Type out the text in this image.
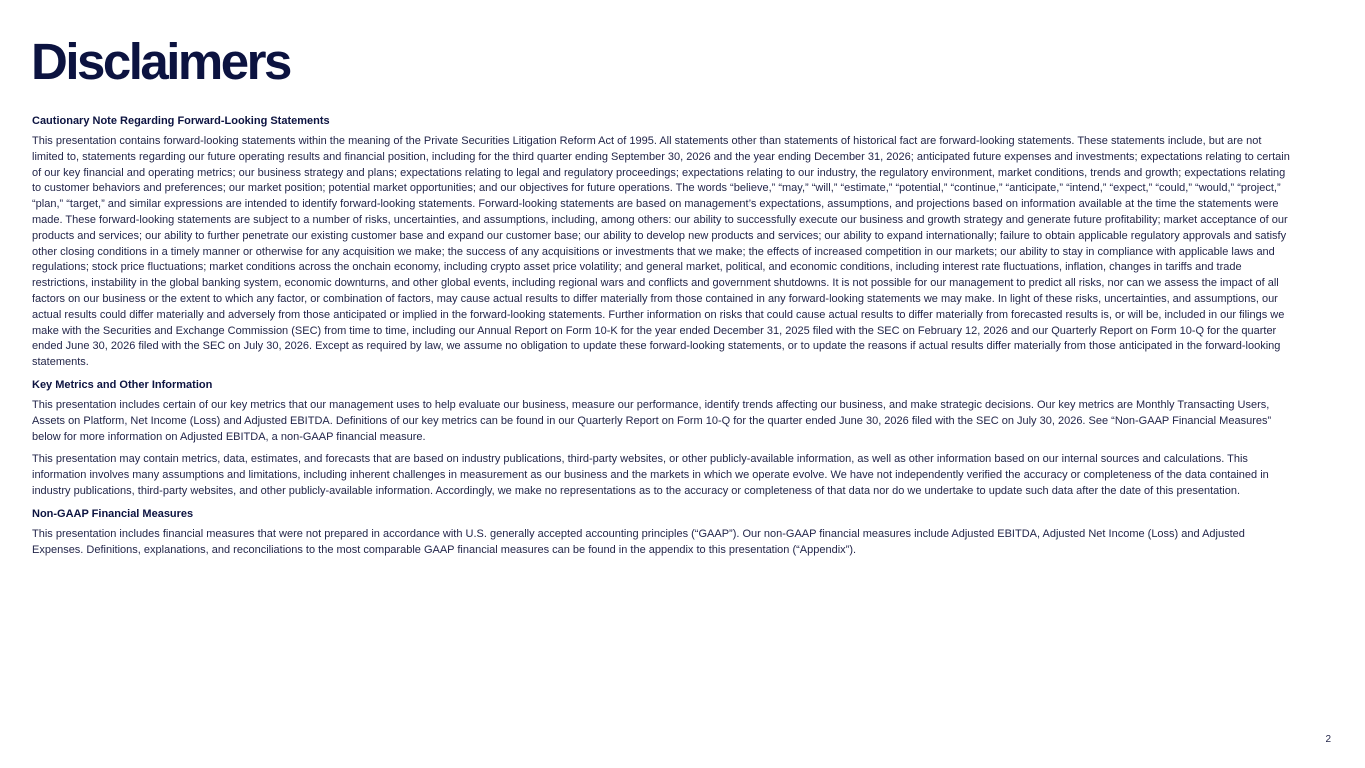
Disclaimers
Cautionary Note Regarding Forward-Looking Statements

This presentation contains forward-looking statements within the meaning of the Private Securities Litigation Reform Act of 1995. All statements other than statements of historical fact are forward-looking statements. These statements include, but are not limited to, statements regarding our future operating results and financial position, including for the third quarter ending September 30, 2026 and the year ending December 31, 2026; anticipated future expenses and investments; expectations relating to certain of our key financial and operating metrics; our business strategy and plans; expectations relating to legal and regulatory proceedings; expectations relating to our industry, the regulatory environment, market conditions, trends and growth; expectations relating to customer behaviors and preferences; our market position; potential market opportunities; and our objectives for future operations. The words “believe,” “may,” “will,” “estimate,” “potential,” “continue,” “anticipate,” “intend,” “expect,” “could,” “would,” “project,” “plan,” “target,” and similar expressions are intended to identify forward-looking statements. Forward-looking statements are based on management’s expectations, assumptions, and projections based on information available at the time the statements were made. These forward-looking statements are subject to a number of risks, uncertainties, and assumptions, including, among others: our ability to successfully execute our business and growth strategy and generate future profitability; market acceptance of our products and services; our ability to further penetrate our existing customer base and expand our customer base; our ability to develop new products and services; our ability to expand internationally; failure to obtain applicable regulatory approvals and satisfy other closing conditions in a timely manner or otherwise for any acquisition we make; the success of any acquisitions or investments that we make; the effects of increased competition in our markets; our ability to stay in compliance with applicable laws and regulations; stock price fluctuations; market conditions across the onchain economy, including crypto asset price volatility; and general market, political, and economic conditions, including interest rate fluctuations, inflation, changes in tariffs and trade restrictions, instability in the global banking system, economic downturns, and other global events, including regional wars and conflicts and government shutdowns. It is not possible for our management to predict all risks, nor can we assess the impact of all factors on our business or the extent to which any factor, or combination of factors, may cause actual results to differ materially from those contained in any forward-looking statements we may make. In light of these risks, uncertainties, and assumptions, our actual results could differ materially and adversely from those anticipated or implied in the forward-looking statements. Further information on risks that could cause actual results to differ materially from forecasted results is, or will be, included in our filings we make with the Securities and Exchange Commission (SEC) from time to time, including our Annual Report on Form 10-K for the year ended December 31, 2025 filed with the SEC on February 12, 2026 and our Quarterly Report on Form 10-Q for the quarter ended June 30, 2026 filed with the SEC on July 30, 2026. Except as required by law, we assume no obligation to update these forward-looking statements, or to update the reasons if actual results differ materially from those anticipated in the forward-looking statements.

Key Metrics and Other Information

This presentation includes certain of our key metrics that our management uses to help evaluate our business, measure our performance, identify trends affecting our business, and make strategic decisions. Our key metrics are Monthly Transacting Users, Assets on Platform, Net Income (Loss) and Adjusted EBITDA. Definitions of our key metrics can be found in our Quarterly Report on Form 10-Q for the quarter ended June 30, 2026 filed with the SEC on July 30, 2026. See “Non-GAAP Financial Measures” below for more information on Adjusted EBITDA, a non-GAAP financial measure.

This presentation may contain metrics, data, estimates, and forecasts that are based on industry publications, third-party websites, or other publicly-available information, as well as other information based on our internal sources and calculations. This information involves many assumptions and limitations, including inherent challenges in measurement as our business and the markets in which we operate evolve. We have not independently verified the accuracy or completeness of the data contained in industry publications, third-party websites, and other publicly-available information. Accordingly, we make no representations as to the accuracy or completeness of that data nor do we undertake to update such data after the date of this presentation.

Non-GAAP Financial Measures

This presentation includes financial measures that were not prepared in accordance with U.S. generally accepted accounting principles (“GAAP”). Our non-GAAP financial measures include Adjusted EBITDA, Adjusted Net Income (Loss) and Adjusted Expenses. Definitions, explanations, and reconciliations to the most comparable GAAP financial measures can be found in the appendix to this presentation (“Appendix”).

2
